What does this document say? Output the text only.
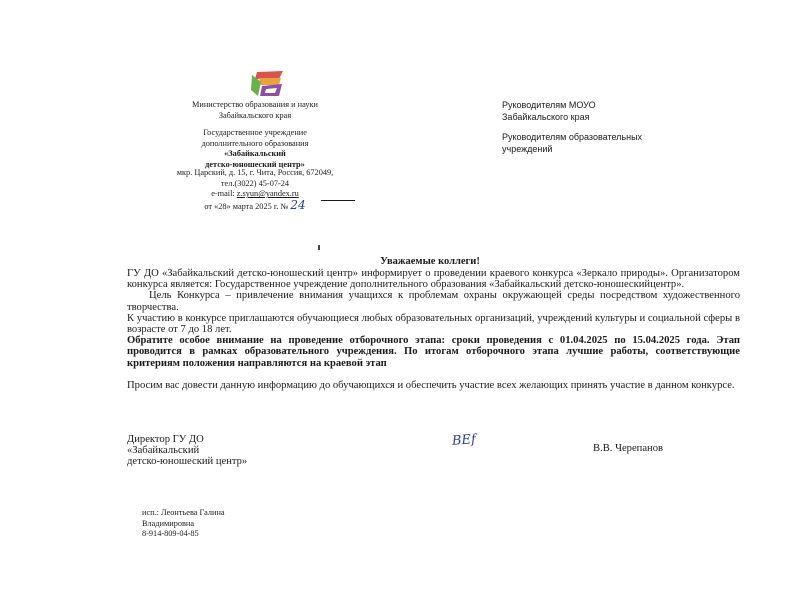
Министерство образования и науки
Забайкальского края
Государственное учреждение
дополнительного образования
«Забайкальский
детско-юношеский центр»
мкр. Царский, д. 15, г. Чита, Россия, 672049,
тел.(3022) 45-07-24
e-mail: z.syun@yandex.ru
от «28» марта 2025 г. № 24
Руководителям МОУО
Забайкальского края
Руководителям образовательных
учреждений
Уважаемые коллеги!
ГУ ДО «Забайкальский детско-юношеский центр» информирует о проведении краевого конкурса «Зеркало природы». Организатором конкурса является: Государственное учреждение дополнительного образования «Забайкальский детско-юношескийцентр».
Цель Конкурса – привлечение внимания учащихся к проблемам охраны окружающей среды посредством художественного творчества.
К участию в конкурсе приглашаются обучающиеся любых образовательных организаций, учреждений культуры и социальной сферы в возрасте от 7 до 18 лет.
Обратите особое внимание на проведение отборочного этапа: сроки проведения с 01.04.2025 по 15.04.2025 года. Этап проводится в рамках образовательного учреждения. По итогам отборочного этапа лучшие работы, соответствующие критериям положения направляются на краевой этап
Просим вас довести данную информацию до обучающихся и обеспечить участие всех желающих принять участие в данном конкурсе.
Директор ГУ ДО
«Забайкальский
детско-юношеский центр»
BEf	В.В. Черепанов
исп.: Леонтьева Галина
Владимировна
8-914-809-04-85
